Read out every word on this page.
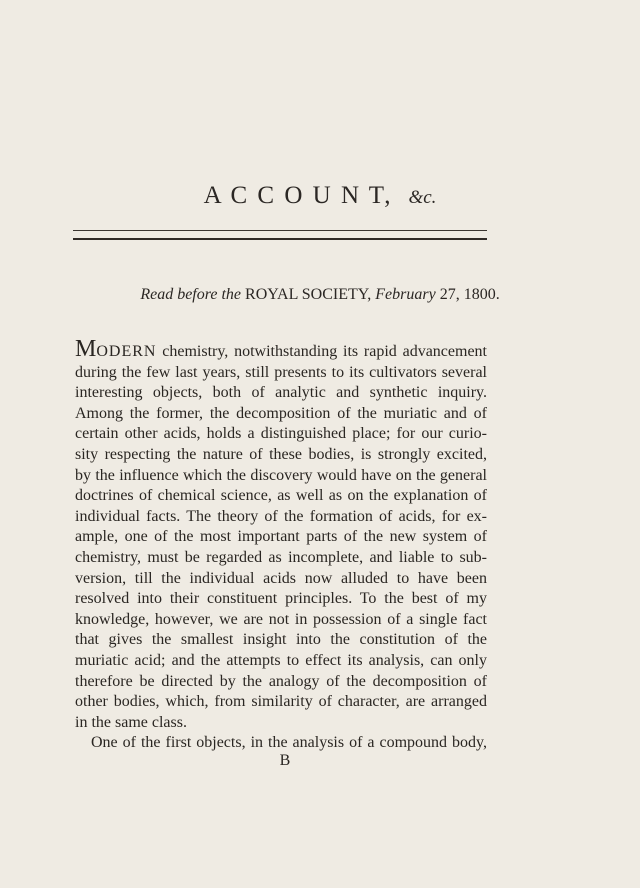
A C C O U N T, &c.
Read before the ROYAL SOCIETY, February 27, 1800.
MODERN chemistry, notwithstanding its rapid advancement
during the few last years, still presents to its cultivators several
interesting objects, both of analytic and synthetic inquiry.
Among the former, the decomposition of the muriatic and of
certain other acids, holds a distinguished place; for our curio-
sity respecting the nature of these bodies, is strongly excited,
by the influence which the discovery would have on the general
doctrines of chemical science, as well as on the explanation of
individual facts. The theory of the formation of acids, for ex-
ample, one of the most important parts of the new system of
chemistry, must be regarded as incomplete, and liable to sub-
version, till the individual acids now alluded to have been
resolved into their constituent principles. To the best of my
knowledge, however, we are not in possession of a single fact
that gives the smallest insight into the constitution of the
muriatic acid; and the attempts to effect its analysis, can only
therefore be directed by the analogy of the decomposition of
other bodies, which, from similarity of character, are arranged
in the same class.
One of the first objects, in the analysis of a compound body,
B
